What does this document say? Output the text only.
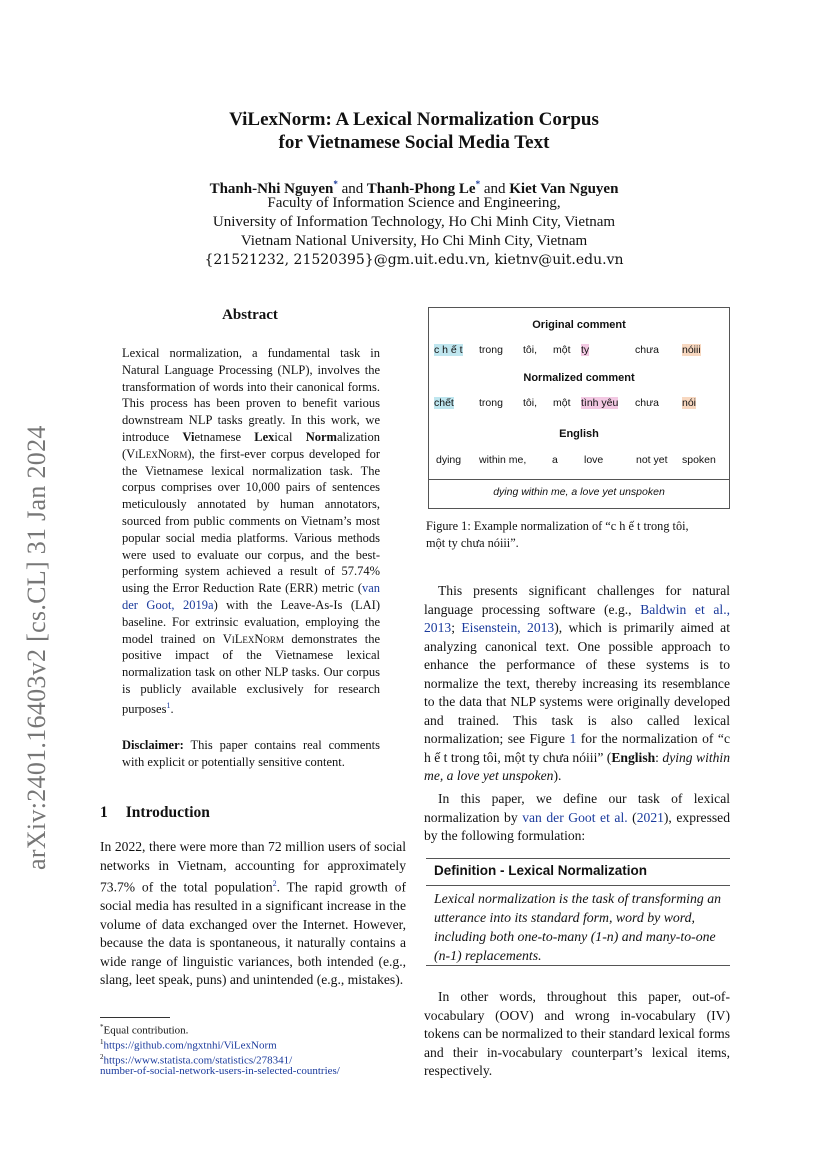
arXiv:2401.16403v2 [cs.CL] 31 Jan 2024
ViLexNorm: A Lexical Normalization Corpus
for Vietnamese Social Media Text
Thanh-Nhi Nguyen* and Thanh-Phong Le* and Kiet Van Nguyen
Faculty of Information Science and Engineering,
University of Information Technology, Ho Chi Minh City, Vietnam
Vietnam National University, Ho Chi Minh City, Vietnam
{21521232, 21520395}@gm.uit.edu.vn, kietnv@uit.edu.vn
Abstract
Lexical normalization, a fundamental task in Natural Language Processing (NLP), involves the transformation of words into their canonical forms. This process has been proven to benefit various downstream NLP tasks greatly. In this work, we introduce Vietnamese Lexical Normalization (ViLexNorm), the first-ever corpus developed for the Vietnamese lexical normalization task. The corpus comprises over 10,000 pairs of sentences meticulously annotated by human annotators, sourced from public comments on Vietnam’s most popular social media platforms. Various methods were used to evaluate our corpus, and the best-performing system achieved a result of 57.74% using the Error Reduction Rate (ERR) metric (van der Goot, 2019a) with the Leave-As-Is (LAI) baseline. For extrinsic evaluation, employing the model trained on ViLexNorm demonstrates the positive impact of the Vietnamese lexical normalization task on other NLP tasks. Our corpus is publicly available exclusively for research purposes$^1$.
Disclaimer: This paper contains real comments with explicit or potentially sensitive content.
1 Introduction
In 2022, there were more than 72 million users of social networks in Vietnam, accounting for approximately 73.7% of the total population$^2$. The rapid growth of social media has resulted in a significant increase in the volume of data exchanged over the Internet. However, because the data is spontaneous, it naturally contains a wide range of linguistic variances, both intended (e.g., slang, leet speak, puns) and unintended (e.g., mistakes).
*Equal contribution.
$^1$https://github.com/ngxtnhi/ViLexNorm
$^2$https://www.statista.com/statistics/278341/
number-of-social-network-users-in-selected-countries/
Original comment
c h ế t trong tôi, một ty	chưa nóiii
Normalized comment
chết trong tôi, một tình yêu chưa nói
English
dying within me, a love	not yet spoken
dying within me, a love yet unspoken
Figure 1: Example normalization of “c h ế t trong tôi,
một ty chưa nóiii”.
This presents significant challenges for natural language processing software (e.g., Baldwin et al., 2013; Eisenstein, 2013), which is primarily aimed at analyzing canonical text. One possible approach to enhance the performance of these systems is to normalize the text, thereby increasing its resemblance to the data that NLP systems were originally developed and trained. This task is also called lexical normalization; see Figure 1 for the normalization of “c h ế t trong tôi, một ty chưa nóiii” (English: dying within me, a love yet unspoken).
In this paper, we define our task of lexical normalization by van der Goot et al. (2021), expressed by the following formulation:
Definition - Lexical Normalization
Lexical normalization is the task of transforming an utterance into its standard form, word by word, including both one-to-many (1-n) and many-to-one (n-1) replacements.
In other words, throughout this paper, out-of-vocabulary (OOV) and wrong in-vocabulary (IV) tokens can be normalized to their standard lexical forms and their in-vocabulary counterpart’s lexical items, respectively.
